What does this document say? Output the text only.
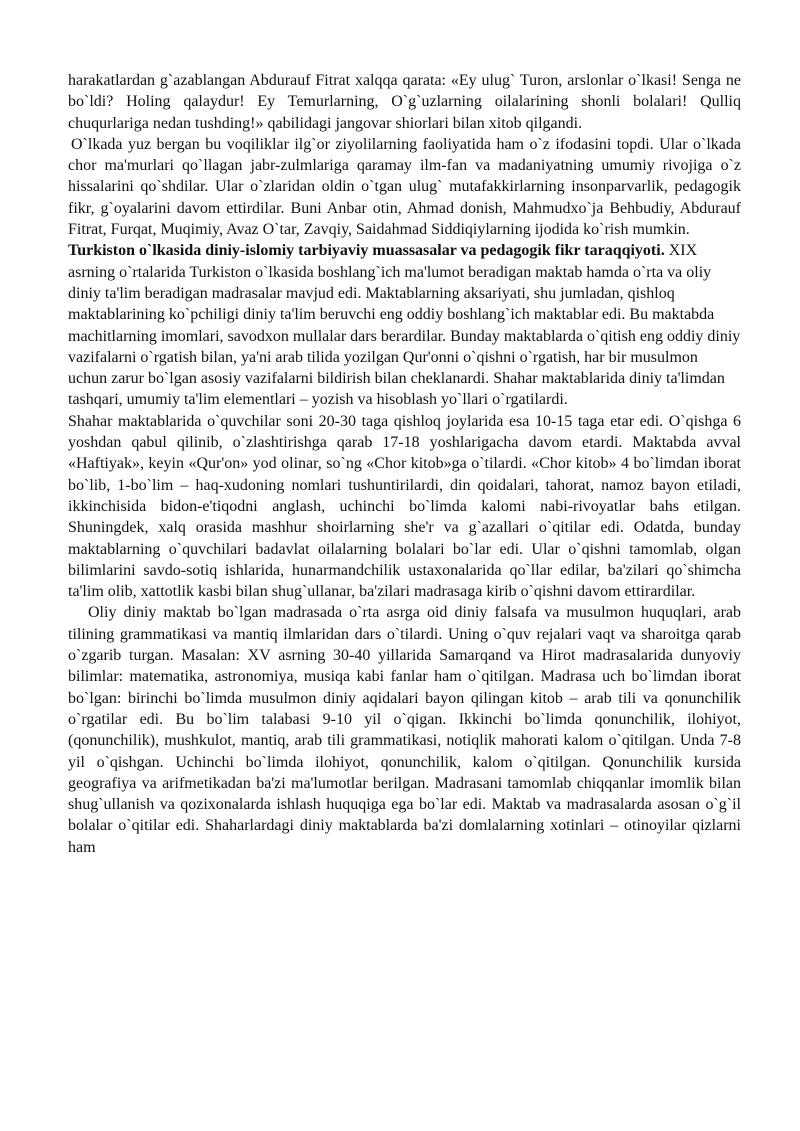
harakatlardan g`azablangan Abdurauf Fitrat xalqqa qarata: «Ey ulug` Turon, arslonlar o`lkasi! Senga ne bo`ldi? Holing qalaydur! Ey Temurlarning, O`g`uzlarning oilalarining shonli bolalari! Qulliq chuqurlariga nedan tushding!» qabilidagi jangovar shiorlari bilan xitob qilgandi.

O`lkada yuz bergan bu voqiliklar ilg`or ziyolilarning faoliyatida ham o`z ifodasini topdi. Ular o`lkada chor ma'murlari qo`llagan jabr-zulmlariga qaramay ilm-fan va madaniyatning umumiy rivojiga o`z hissalarini qo`shdilar. Ular o`zlaridan oldin o`tgan ulug` mutafakkirlarning insonparvarlik, pedagogik fikr, g`oyalarini davom ettirdilar. Buni Anbar otin, Ahmad donish, Mahmudxo`ja Behbudiy, Abdurauf Fitrat, Furqat, Muqimiy, Avaz O`tar, Zavqiy, Saidahmad Siddiqiylarning ijodida ko`rish mumkin.

Turkiston o`lkasida diniy-islomiy tarbiyaviy muassasalar va pedagogik fikr taraqqiyoti. XIX asrning o`rtalarida Turkiston o`lkasida boshlang`ich ma'lumot beradigan maktab hamda o`rta va oliy diniy ta'lim beradigan madrasalar mavjud edi. Maktablarning aksariyati, shu jumladan, qishloq maktablarining ko`pchiligi diniy ta'lim beruvchi eng oddiy boshlang`ich maktablar edi. Bu maktabda machitlarning imomlari, savodxon mullalar dars berardilar. Bunday maktablarda o`qitish eng oddiy diniy vazifalarni o`rgatish bilan, ya'ni arab tilida yozilgan Qur'onni o`qishni o`rgatish, har bir musulmon uchun zarur bo`lgan asosiy vazifalarni bildirish bilan cheklanardi. Shahar maktablarida diniy ta'limdan tashqari, umumiy ta'lim elementlari – yozish va hisoblash yo`llari o`rgatilardi.

Shahar maktablarida o`quvchilar soni 20-30 taga qishloq joylarida esa 10-15 taga etar edi. O`qishga 6 yoshdan qabul qilinib, o`zlashtirishga qarab 17-18 yoshlarigacha davom etardi. Maktabda avval «Haftiyak», keyin «Qur'on» yod olinar, so`ng «Chor kitob»ga o`tilardi. «Chor kitob» 4 bo`limdan iborat bo`lib, 1-bo`lim – haq-xudoning nomlari tushuntirilardi, din qoidalari, tahorat, namoz bayon etiladi, ikkinchisida bidon-e'tiqodni anglash, uchinchi bo`limda kalomi nabi-rivoyatlar bahs etilgan. Shuningdek, xalq orasida mashhur shoirlarning she'r va g`azallari o`qitilar edi. Odatda, bunday maktablarning o`quvchilari badavlat oilalarning bolalari bo`lar edi. Ular o`qishni tamomlab, olgan bilimlarini savdo-sotiq ishlarida, hunarmandchilik ustaxonalarida qo`llar edilar, ba'zilari qo`shimcha ta'lim olib, xattotlik kasbi bilan shug`ullanar, ba'zilari madrasaga kirib o`qishni davom ettirardilar.

Oliy diniy maktab bo`lgan madrasada o`rta asrga oid diniy falsafa va musulmon huquqlari, arab tilining grammatikasi va mantiq ilmlaridan dars o`tilardi. Uning o`quv rejalari vaqt va sharoitga qarab o`zgarib turgan. Masalan: XV asrning 30-40 yillarida Samarqand va Hirot madrasalarida dunyoviy bilimlar: matematika, astronomiya, musiqa kabi fanlar ham o`qitilgan. Madrasa uch bo`limdan iborat bo`lgan: birinchi bo`limda musulmon diniy aqidalari bayon qilingan kitob – arab tili va qonunchilik o`rgatilar edi. Bu bo`lim talabasi 9-10 yil o`qigan. Ikkinchi bo`limda qonunchilik, ilohiyot, (qonunchilik), mushkulot, mantiq, arab tili grammatikasi, notiqlik mahorati kalom o`qitilgan. Unda 7-8 yil o`qishgan. Uchinchi bo`limda ilohiyot, qonunchilik, kalom o`qitilgan. Qonunchilik kursida geografiya va arifmetikadan ba'zi ma'lumotlar berilgan. Madrasani tamomlab chiqqanlar imomlik bilan shug`ullanish va qozixonalarda ishlash huquqiga ega bo`lar edi. Maktab va madrasalarda asosan o`g`il bolalar o`qitilar edi. Shaharlardagi diniy maktablarda ba'zi domlalarning xotinlari – otinoyilar qizlarni ham
